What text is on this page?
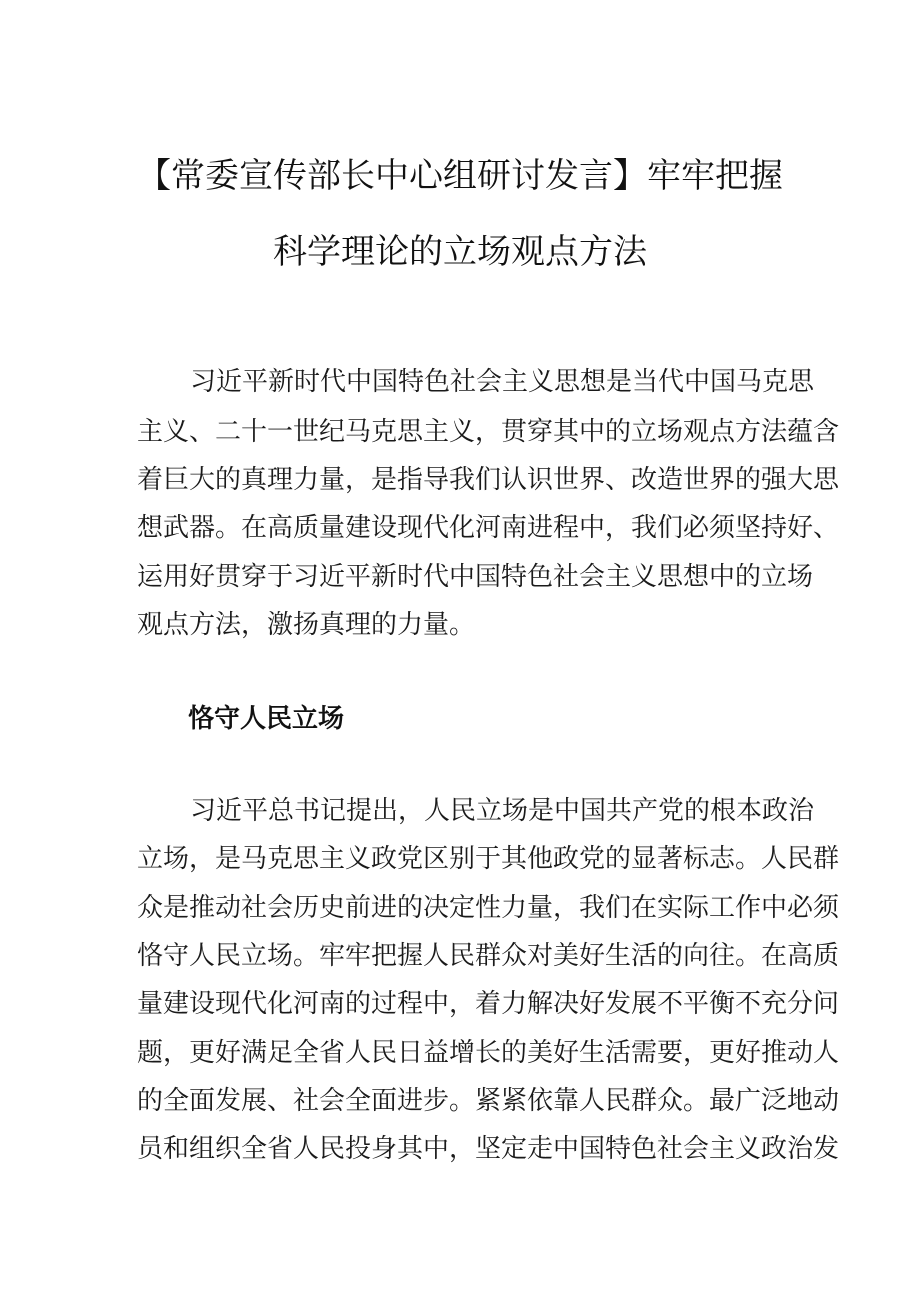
【常委宣传部长中心组研讨发言】牢牢把握
科学理论的立场观点方法

习近平新时代中国特色社会主义思想是当代中国马克思

主义、二十一世纪马克思主义，贯穿其中的立场观点方法蕴含

着巨大的真理力量，是指导我们认识世界、改造世界的强大思

想武器。在高质量建设现代化河南进程中，我们必须坚持好、

运用好贯穿于习近平新时代中国特色社会主义思想中的立场

观点方法，激扬真理的力量。

恪守人民立场

习近平总书记提出，人民立场是中国共产党的根本政治

立场，是马克思主义政党区别于其他政党的显著标志。人民群

众是推动社会历史前进的决定性力量，我们在实际工作中必须

恪守人民立场。牢牢把握人民群众对美好生活的向往。在高质

量建设现代化河南的过程中，着力解决好发展不平衡不充分问

题，更好满足全省人民日益增长的美好生活需要，更好推动人

的全面发展、社会全面进步。紧紧依靠人民群众。最广泛地动

员和组织全省人民投身其中，坚定走中国特色社会主义政治发
